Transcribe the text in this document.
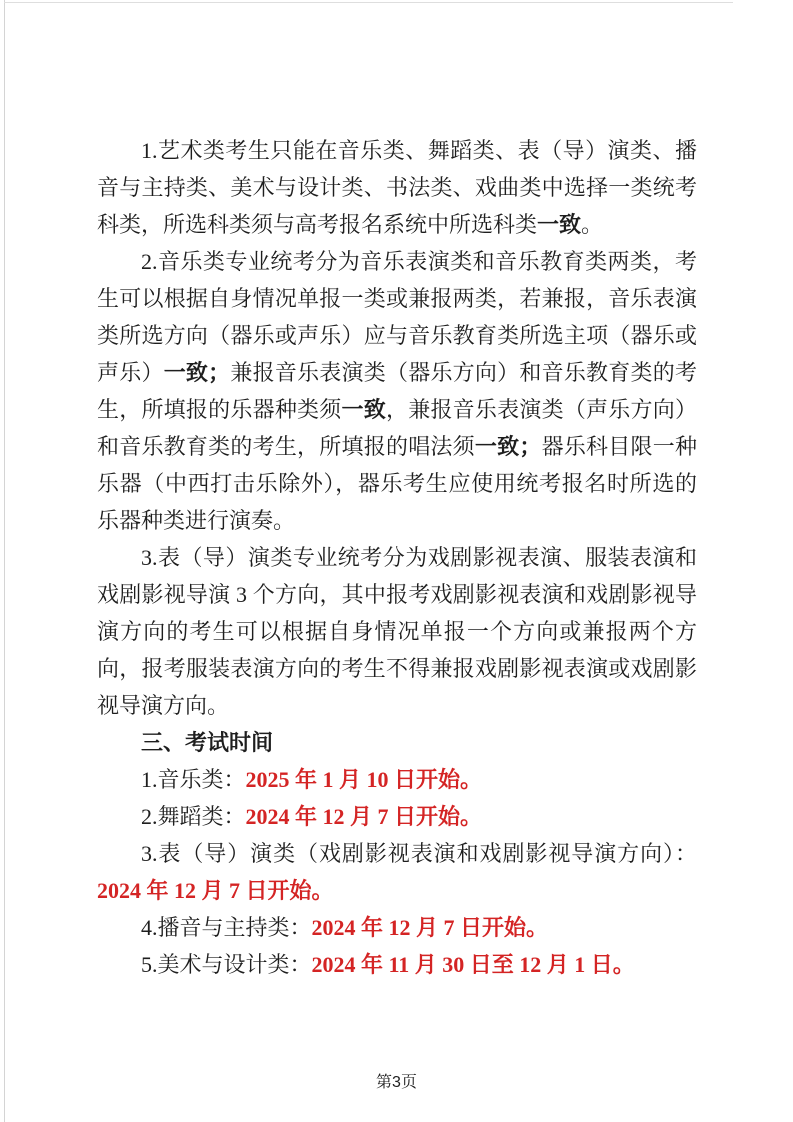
1.艺术类考生只能在音乐类、舞蹈类、表（导）演类、播音与主持类、美术与设计类、书法类、戏曲类中选择一类统考科类，所选科类须与高考报名系统中所选科类一致。

2.音乐类专业统考分为音乐表演类和音乐教育类两类，考生可以根据自身情况单报一类或兼报两类，若兼报，音乐表演类所选方向（器乐或声乐）应与音乐教育类所选主项（器乐或声乐）一致；兼报音乐表演类（器乐方向）和音乐教育类的考生，所填报的乐器种类须一致，兼报音乐表演类（声乐方向）和音乐教育类的考生，所填报的唱法须一致；器乐科目限一种乐器（中西打击乐除外），器乐考生应使用统考报名时所选的乐器种类进行演奏。

3.表（导）演类专业统考分为戏剧影视表演、服装表演和戏剧影视导演 3 个方向，其中报考戏剧影视表演和戏剧影视导演方向的考生可以根据自身情况单报一个方向或兼报两个方向，报考服装表演方向的考生不得兼报戏剧影视表演或戏剧影视导演方向。

三、考试时间

1.音乐类：2025 年 1 月 10 日开始。

2.舞蹈类：2024 年 12 月 7 日开始。

3.表（导）演类（戏剧影视表演和戏剧影视导演方向）：2024 年 12 月 7 日开始。

4.播音与主持类：2024 年 12 月 7 日开始。

5.美术与设计类：2024 年 11 月 30 日至 12 月 1 日。

第3页
